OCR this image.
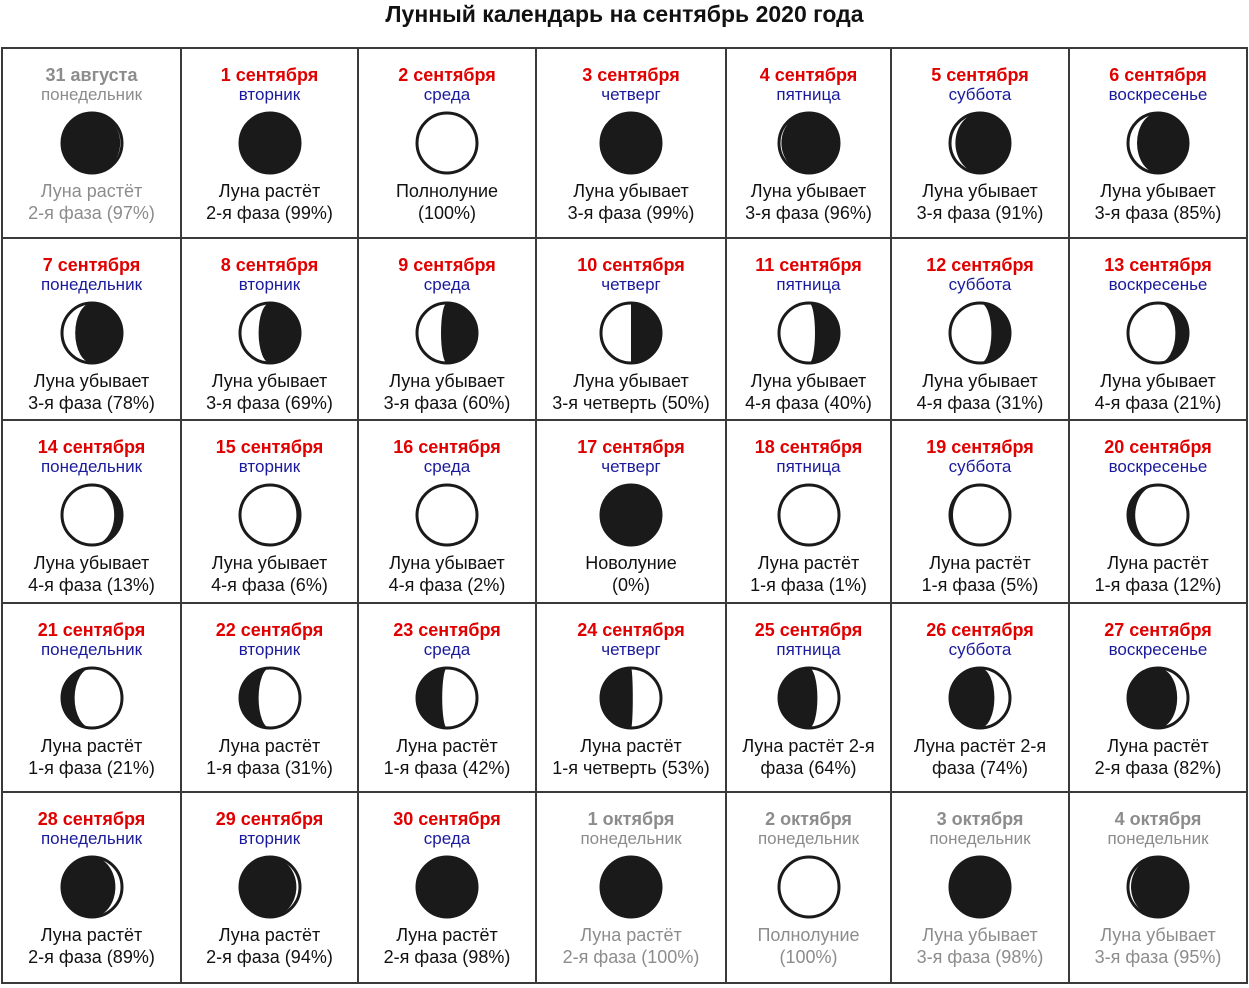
Лунный календарь на сентябрь 2020 года
31 августа
понедельник
Луна растёт
2-я фаза (97%)	1 сентября
вторник
Луна растёт
2-я фаза (99%)	2 сентября
среда
Полнолуние
(100%)	3 сентября
четверг
Луна убывает
3-я фаза (99%)	4 сентября
пятница
Луна убывает
3-я фаза (96%)	5 сентября
суббота
Луна убывает
3-я фаза (91%)	6 сентября
воскресенье
Луна убывает
3-я фаза (85%)

7 сентября
понедельник
Луна убывает
3-я фаза (78%)	8 сентября
вторник
Луна убывает
3-я фаза (69%)	9 сентября
среда
Луна убывает
3-я фаза (60%)	10 сентября
четверг
Луна убывает
3-я четверть (50%)	11 сентября
пятница
Луна убывает
4-я фаза (40%)	12 сентября
суббота
Луна убывает
4-я фаза (31%)	13 сентября
воскресенье
Луна убывает
4-я фаза (21%)

14 сентября
понедельник
Луна убывает
4-я фаза (13%)	15 сентября
вторник
Луна убывает
4-я фаза (6%)	16 сентября
среда
Луна убывает
4-я фаза (2%)	17 сентября
четверг
Новолуние
(0%)	18 сентября
пятница
Луна растёт
1-я фаза (1%)	19 сентября
суббота
Луна растёт
1-я фаза (5%)	20 сентября
воскресенье
Луна растёт
1-я фаза (12%)

21 сентября
понедельник
Луна растёт
1-я фаза (21%)	22 сентября
вторник
Луна растёт
1-я фаза (31%)	23 сентября
среда
Луна растёт
1-я фаза (42%)	24 сентября
четверг
Луна растёт
1-я четверть (53%)	25 сентября
пятница
Луна растёт 2-я
фаза (64%)	26 сентября
суббота
Луна растёт 2-я
фаза (74%)	27 сентября
воскресенье
Луна растёт
2-я фаза (82%)

28 сентября
понедельник
Луна растёт
2-я фаза (89%)	29 сентября
вторник
Луна растёт
2-я фаза (94%)	30 сентября
среда
Луна растёт
2-я фаза (98%)	1 октября
понедельник
Луна растёт
2-я фаза (100%)	2 октября
понедельник
Полнолуние
(100%)	3 октября
понедельник
Луна убывает
3-я фаза (98%)	4 октября
понедельник
Луна убывает
3-я фаза (95%)
